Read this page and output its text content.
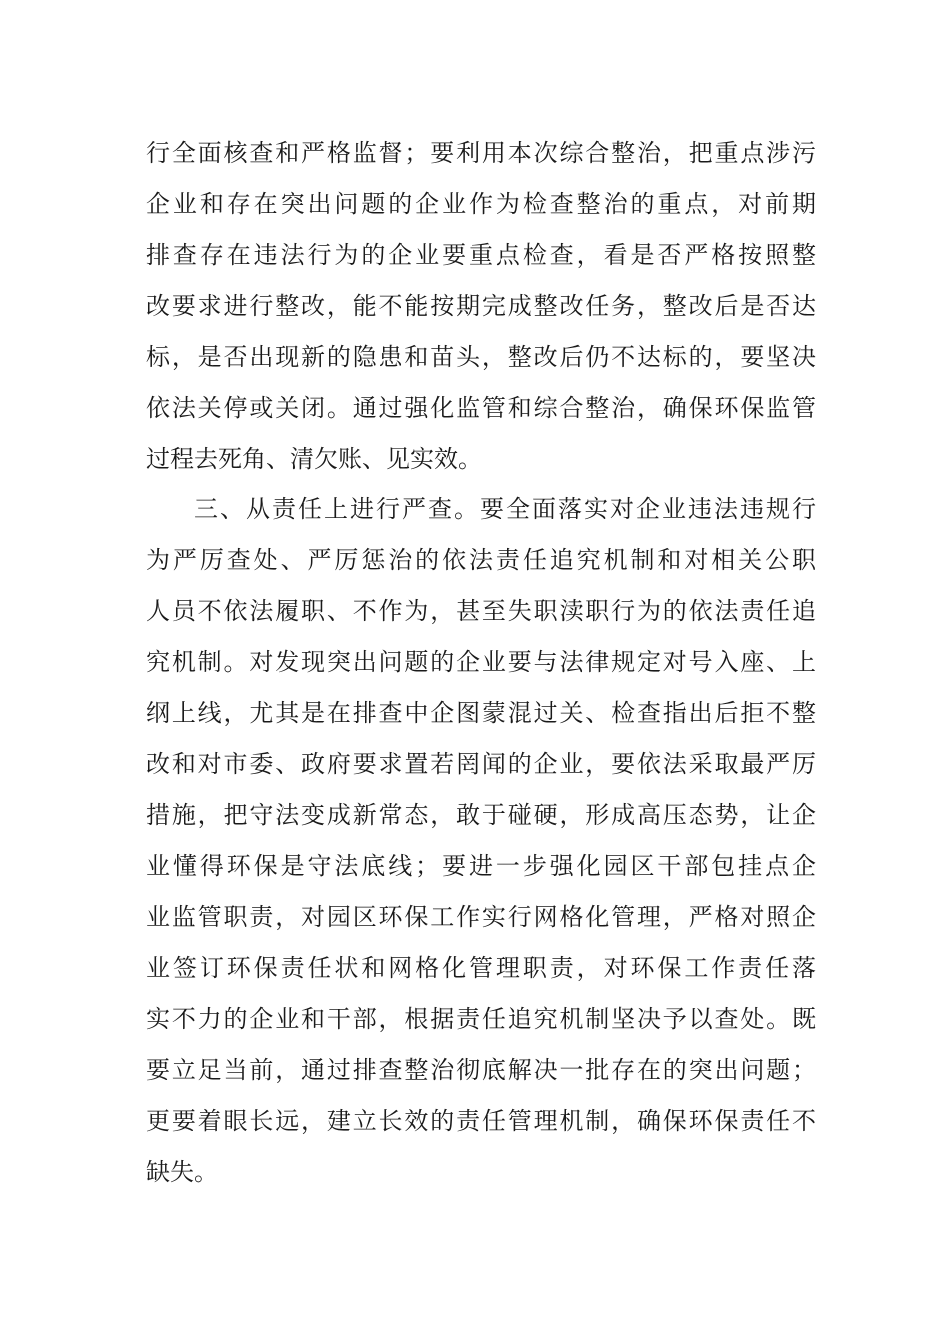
行全面核查和严格监督；要利用本次综合整治，把重点涉污
企业和存在突出问题的企业作为检查整治的重点，对前期
排查存在违法行为的企业要重点检查，看是否严格按照整
改要求进行整改，能不能按期完成整改任务，整改后是否达
标，是否出现新的隐患和苗头，整改后仍不达标的，要坚决
依法关停或关闭。通过强化监管和综合整治，确保环保监管
过程去死角、清欠账、见实效。
三、从责任上进行严查。要全面落实对企业违法违规行
为严厉查处、严厉惩治的依法责任追究机制和对相关公职
人员不依法履职、不作为，甚至失职渎职行为的依法责任追
究机制。对发现突出问题的企业要与法律规定对号入座、上
纲上线，尤其是在排查中企图蒙混过关、检查指出后拒不整
改和对市委、政府要求置若罔闻的企业，要依法采取最严厉
措施，把守法变成新常态，敢于碰硬，形成高压态势，让企
业懂得环保是守法底线；要进一步强化园区干部包挂点企
业监管职责，对园区环保工作实行网格化管理，严格对照企
业签订环保责任状和网格化管理职责，对环保工作责任落
实不力的企业和干部，根据责任追究机制坚决予以查处。既
要立足当前，通过排查整治彻底解决一批存在的突出问题；
更要着眼长远，建立长效的责任管理机制，确保环保责任不
缺失。
